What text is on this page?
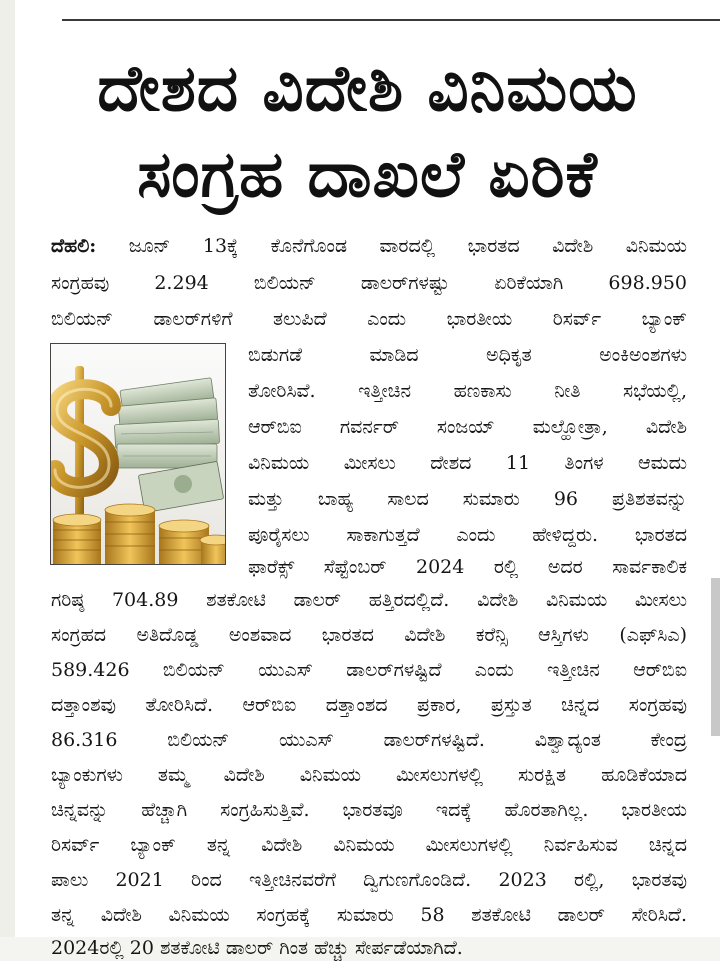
ದೇಶದ ವಿದೇಶಿ ವಿನಿಮಯ
ಸಂಗ್ರಹ ದಾಖಲೆ ಏರಿಕೆ
ದೆಹಲಿ: ಜೂನ್ 13ಕ್ಕೆ ಕೊನೆಗೊಂಡ ವಾರದಲ್ಲಿ ಭಾರತದ ವಿದೇಶಿ ವಿನಿಮಯ
ಸಂಗ್ರಹವು 2.294 ಬಿಲಿಯನ್ ಡಾಲರ್‌ಗಳಷ್ಟು ಏರಿಕೆಯಾಗಿ 698.950
ಬಿಲಿಯನ್ ಡಾಲರ್‌ಗಳಿಗೆ ತಲುಪಿದೆ ಎಂದು ಭಾರತೀಯ ರಿಸರ್ವ್ ಬ್ಯಾಂಕ್
ಬಿಡುಗಡೆ ಮಾಡಿದ ಅಧಿಕೃತ ಅಂಕಿಅಂಶಗಳು
ತೋರಿಸಿವೆ. ಇತ್ತೀಚಿನ ಹಣಕಾಸು ನೀತಿ ಸಭೆಯಲ್ಲಿ,
ಆರ್‌ಬಿಐ ಗವರ್ನರ್ ಸಂಜಯ್ ಮಲ್ಹೋತ್ರಾ, ವಿದೇಶಿ
ವಿನಿಮಯ ಮೀಸಲು ದೇಶದ 11 ತಿಂಗಳ ಆಮದು
ಮತ್ತು ಬಾಹ್ಯ ಸಾಲದ ಸುಮಾರು 96 ಪ್ರತಿಶತವನ್ನು
ಪೂರೈಸಲು ಸಾಕಾಗುತ್ತದೆ ಎಂದು ಹೇಳಿದ್ದರು. ಭಾರತದ
ಫಾರೆಕ್ಸ್ ಸೆಪ್ಟೆಂಬರ್ 2024 ರಲ್ಲಿ ಅದರ ಸಾರ್ವಕಾಲಿಕ
ಗರಿಷ್ಠ 704.89 ಶತಕೋಟಿ ಡಾಲರ್ ಹತ್ತಿರದಲ್ಲಿದೆ. ವಿದೇಶಿ ವಿನಿಮಯ ಮೀಸಲು
ಸಂಗ್ರಹದ ಅತಿದೊಡ್ಡ ಅಂಶವಾದ ಭಾರತದ ವಿದೇಶಿ ಕರೆನ್ಸಿ ಆಸ್ತಿಗಳು (ಎಫ್‌ಸಿಎ)
589.426 ಬಿಲಿಯನ್ ಯುಎಸ್ ಡಾಲರ್‌ಗಳಷ್ಟಿದೆ ಎಂದು ಇತ್ತೀಚಿನ ಆರ್‌ಬಿಐ
ದತ್ತಾಂಶವು ತೋರಿಸಿದೆ. ಆರ್‌ಬಿಐ ದತ್ತಾಂಶದ ಪ್ರಕಾರ, ಪ್ರಸ್ತುತ ಚಿನ್ನದ ಸಂಗ್ರಹವು
86.316 ಬಿಲಿಯನ್ ಯುಎಸ್ ಡಾಲರ್‌ಗಳಷ್ಟಿದೆ. ವಿಶ್ವಾದ್ಯಂತ ಕೇಂದ್ರ
ಬ್ಯಾಂಕುಗಳು ತಮ್ಮ ವಿದೇಶಿ ವಿನಿಮಯ ಮೀಸಲುಗಳಲ್ಲಿ ಸುರಕ್ಷಿತ ಹೂಡಿಕೆಯಾದ
ಚಿನ್ನವನ್ನು ಹೆಚ್ಚಾಗಿ ಸಂಗ್ರಹಿಸುತ್ತಿವೆ. ಭಾರತವೂ ಇದಕ್ಕೆ ಹೊರತಾಗಿಲ್ಲ. ಭಾರತೀಯ
ರಿಸರ್ವ್ ಬ್ಯಾಂಕ್ ತನ್ನ ವಿದೇಶಿ ವಿನಿಮಯ ಮೀಸಲುಗಳಲ್ಲಿ ನಿರ್ವಹಿಸುವ ಚಿನ್ನದ
ಪಾಲು 2021 ರಿಂದ ಇತ್ತೀಚಿನವರೆಗೆ ದ್ವಿಗುಣಗೊಂಡಿದೆ. 2023 ರಲ್ಲಿ, ಭಾರತವು
ತನ್ನ ವಿದೇಶಿ ವಿನಿಮಯ ಸಂಗ್ರಹಕ್ಕೆ ಸುಮಾರು 58 ಶತಕೋಟಿ ಡಾಲರ್ ಸೇರಿಸಿದೆ.
2024ರಲ್ಲಿ 20 ಶತಕೋಟಿ ಡಾಲರ್ ಗಿಂತ ಹೆಚ್ಚು ಸೇರ್ಪಡೆಯಾಗಿದೆ.
